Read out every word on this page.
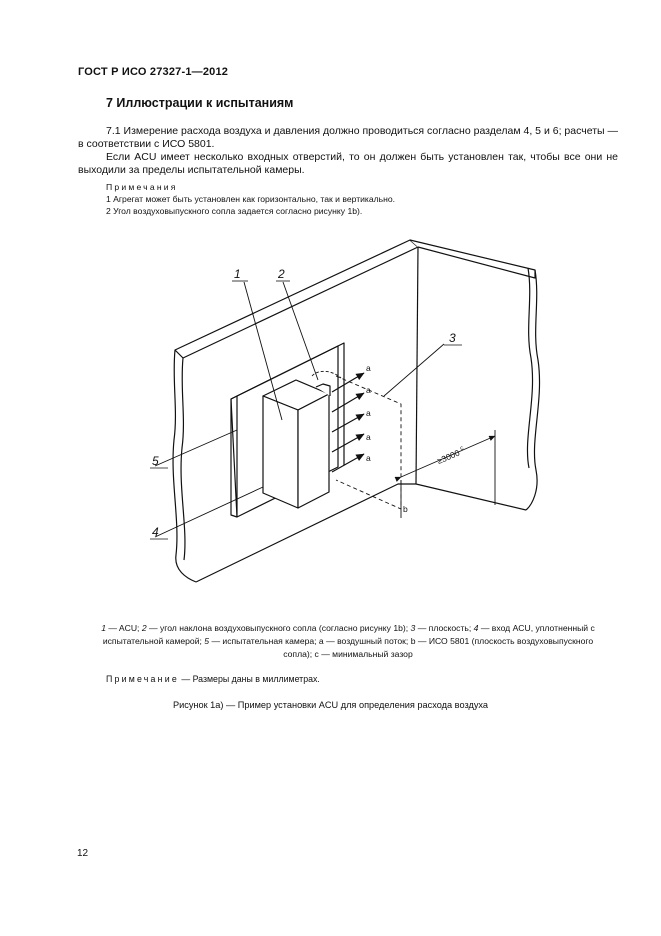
ГОСТ Р ИСО 27327-1—2012
7 Иллюстрации к испытаниям
7.1 Измерение расхода воздуха и давления должно проводиться согласно разделам 4, 5 и 6; расчеты — в соответствии с ИСО 5801.
Если ACU имеет несколько входных отверстий, то он должен быть установлен так, чтобы все они не выходили за пределы испытательной камеры.
Примечания
1 Агрегат может быть установлен как горизонтально, так и вертикально.
2 Угол воздуховыпускного сопла задается согласно рисунку 1b).
1	2
3
4
5
a
a
a
a
a
b
≥3000
c
1 — ACU; 2 — угол наклона воздуховыпускного сопла (согласно рисунку 1b); 3 — плоскость; 4 — вход ACU, уплотненный с испытательной камерой; 5 — испытательная камера; a — воздушный поток; b — ИСО 5801 (плоскость воздуховыпускного сопла); c — минимальный зазор
Примечание — Размеры даны в миллиметрах.
Рисунок 1a) — Пример установки ACU для определения расхода воздуха
12
